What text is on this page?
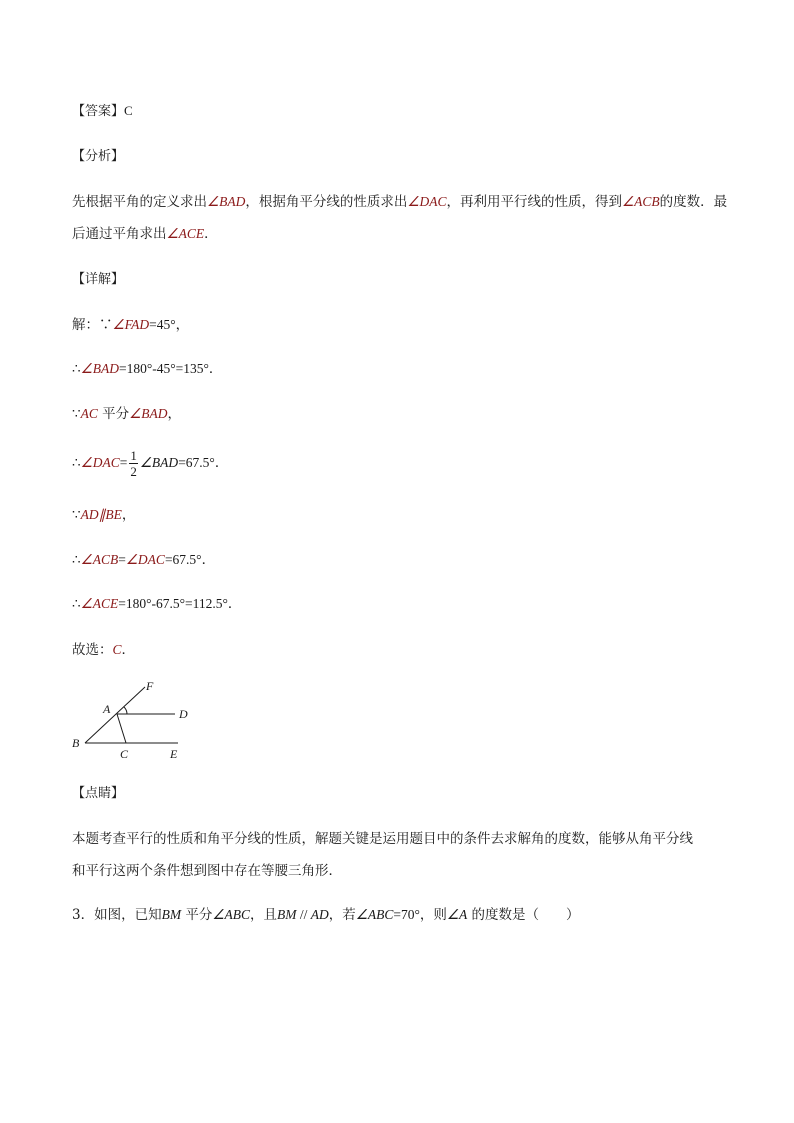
【答案】C
【分析】
先根据平角的定义求出∠BAD，根据角平分线的性质求出∠DAC，再利用平行线的性质，得到∠ACB的度数．最
后通过平角求出∠ACE．
【详解】
解：∵∠FAD=45°，
∴∠BAD=180°-45°=135°．
∵AC 平分∠BAD，
∴∠DAC= $\frac{1}{2}$ ∠BAD=67.5°．
∵AD∥BE，
∴∠ACB=∠DAC=67.5°．
∴∠ACE=180°-67.5°=112.5°．
故选：C．
F
A	D
B
C	E
【点睛】
本题考查平行的性质和角平分线的性质，解题关键是运用题目中的条件去求解角的度数，能够从角平分线
和平行这两个条件想到图中存在等腰三角形．
3．如图，已知BM 平分∠ABC，且BM // AD，若∠ABC=70°，则∠A 的度数是（　　）
